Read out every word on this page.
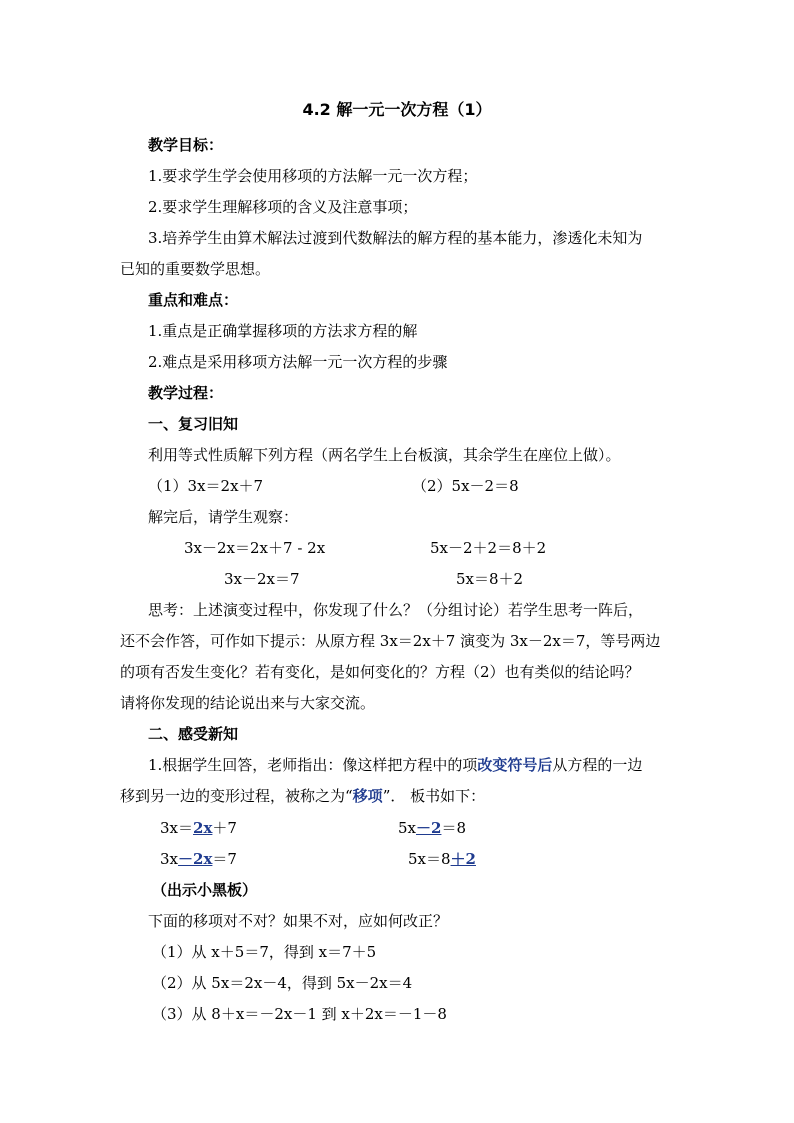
4.2 解一元一次方程（1）
教学目标：
1.要求学生学会使用移项的方法解一元一次方程；
2.要求学生理解移项的含义及注意事项；
3.培养学生由算术解法过渡到代数解法的解方程的基本能力，渗透化未知为
已知的重要数学思想。
重点和难点：
1.重点是正确掌握移项的方法求方程的解
2.难点是采用移项方法解一元一次方程的步骤
教学过程：
一、复习旧知
利用等式性质解下列方程（两名学生上台板演，其余学生在座位上做）。
（1）3x＝2x＋7	（2）5x－2＝8
解完后，请学生观察：
3x－2x＝2x＋7 - 2x	5x－2＋2＝8＋2
3x－2x＝7	5x＝8＋2
思考：上述演变过程中，你发现了什么？（分组讨论）若学生思考一阵后，
还不会作答，可作如下提示：从原方程 3x＝2x＋7 演变为 3x－2x＝7，等号两边
的项有否发生变化？若有变化，是如何变化的？方程（2）也有类似的结论吗？
请将你发现的结论说出来与大家交流。
二、感受新知
1.根据学生回答，老师指出：像这样把方程中的项改变符号后从方程的一边
移到另一边的变形过程，被称之为“移项”． 板书如下：
3x＝2x＋7	5x－2＝8
3x－2x＝7	5x＝8＋2
（出示小黑板）
下面的移项对不对？如果不对，应如何改正？
（1）从 x＋5＝7，得到 x＝7＋5
（2）从 5x＝2x－4，得到 5x－2x＝4
（3）从 8＋x＝－2x－1 到 x＋2x＝－1－8
